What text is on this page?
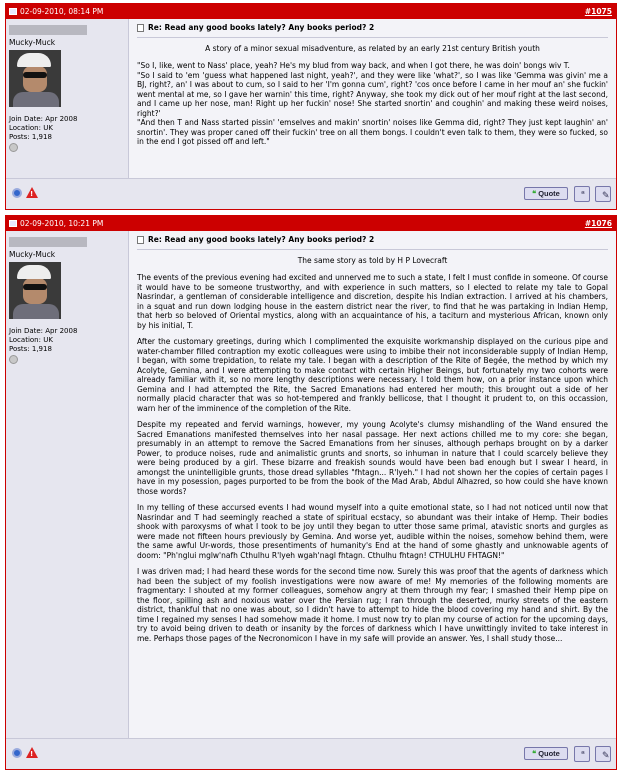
02-09-2010, 08:14 PM	#1075
Mucky-Muck
Join Date: Apr 2008
Location: UK
Posts: 1,918
Re: Read any good books lately? Any books period? 2
A story of a minor sexual misadventure, as related by an early 21st century British youth

"So I, like, went to Nass' place, yeah? He's my blud from way back, and when I got there, he was doin' bongs wiv T.
"So I said to 'em 'guess what happened last night, yeah?', and they were like 'what?', so I was like 'Gemma was givin' me a BJ, right?, an' I was about to cum, so I said to her 'I'm gonna cum', right? 'cos once before I came in her mouf an' she fuckin' went mental at me, so I gave her warnin' this time, right? Anyway, she took my dick out of her mouf right at the last second, and I came up her nose, man! Right up her fuckin' nose! She started snortin' and coughin' and making these weird noises, right?'
"And then T and Nass started pissin' 'emselves and makin' snortin' noises like Gemma did, right? They just kept laughin' an' snortin'. They was proper caned off their fuckin' tree on all them bongs. I couldn't even talk to them, they were so fucked, so in the end I got pissed off and left."

!	❝ Quote	“	✎
02-09-2010, 10:21 PM	#1076
Mucky-Muck
Join Date: Apr 2008
Location: UK
Posts: 1,918
Re: Read any good books lately? Any books period? 2
The same story as told by H P Lovecraft

The events of the previous evening had excited and unnerved me to such a state, I felt I must confide in someone. Of course it would have to be someone trustworthy, and with experience in such matters, so I elected to relate my tale to Gopal Nasrindar, a gentleman of considerable intelligence and discretion, despite his Indian extraction. I arrived at his chambers, in a squat and run down lodging house in the eastern district near the river, to find that he was partaking in Indian Hemp, that herb so beloved of Oriental mystics, along with an acquaintance of his, a taciturn and mysterious African, known only by his initial, T.

After the customary greetings, during which I complimented the exquisite workmanship displayed on the curious pipe and water-chamber filled contraption my exotic colleagues were using to imbibe their not inconsiderable supply of Indian Hemp, I began, with some trepidation, to relate my tale. I began with a description of the Rite of Begée, the method by which my Acolyte, Gemina, and I were attempting to make contact with certain Higher Beings, but fortunately my two cohorts were already familiar with it, so no more lengthy descriptions were necessary. I told them how, on a prior instance upon which Gemina and I had attempted the Rite, the Sacred Emanations had entered her mouth; this brought out a side of her normally placid character that was so hot-tempered and frankly bellicose, that I thought it prudent to, on this occassion, warn her of the imminence of the completion of the Rite.

Despite my repeated and fervid warnings, however, my young Acolyte's clumsy mishandling of the Wand ensured the Sacred Emanations manifested themselves into her nasal passage. Her next actions chilled me to my core: she began, presumably in an attempt to remove the Sacred Emanations from her sinuses, although perhaps brought on by a darker Power, to produce noises, rude and animalistic grunts and snorts, so inhuman in nature that I could scarcely believe they were being produced by a girl. These bizarre and freakish sounds would have been bad enough but I swear I heard, in amongst the unintelligible grunts, those dread syllables "fhtagn... R'lyeh." I had not shown her the copies of certain pages I have in my posession, pages purported to be from the book of the Mad Arab, Abdul Alhazred, so how could she have known those words?

In my telling of these accursed events I had wound myself into a quite emotional state, so I had not noticed until now that Nasrindar and T had seemingly reached a state of spiritual ecstacy, so abundant was their intake of Hemp. Their bodies shook with paroxysms of what I took to be joy until they began to utter those same primal, atavistic snorts and gurgles as were made not fifteen hours previously by Gemina. And worse yet, audible within the noises, somehow behind them, were the same awful Ur-words, those presentiments of humanity's End at the hand of some ghastly and unknowable agents of doom: "Ph'nglui mglw'nafh Cthulhu R'lyeh wgah'nagl fhtagn. Cthulhu fhtagn! CTHULHU FHTAGN!"

I was driven mad; I had heard these words for the second time now. Surely this was proof that the agents of darkness which had been the subject of my foolish investigations were now aware of me! My memories of the following moments are fragmentary: I shouted at my former colleagues, somehow angry at them through my fear; I smashed their Hemp pipe on the floor, spilling ash and noxious water over the Persian rug; I ran through the deserted, murky streets of the eastern district, thankful that no one was about, so I didn't have to attempt to hide the blood covering my hand and shirt. By the time I regained my senses I had somehow made it home. I must now try to plan my course of action for the upcoming days, try to avoid being driven to death or insanity by the forces of darkness which I have unwittingly invited to take interest in me. Perhaps those pages of the Necronomicon I have in my safe will provide an answer. Yes, I shall study those...

!	❝ Quote	“	✎
